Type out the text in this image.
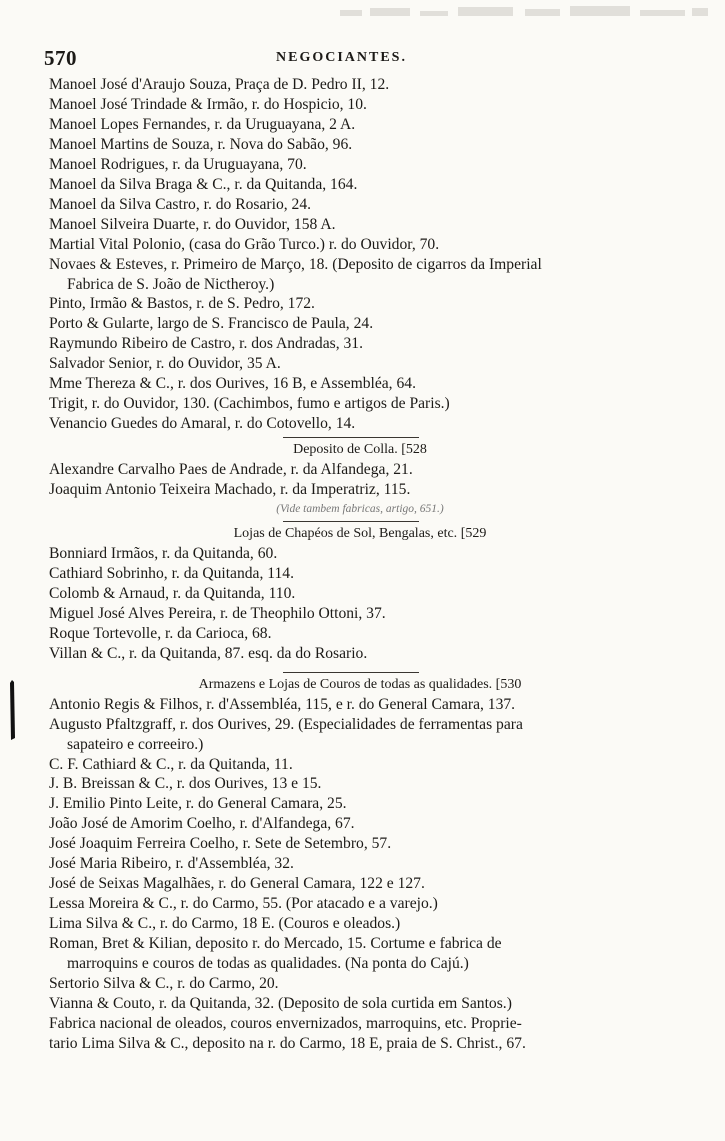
570	NEGOCIANTES.
Manoel José d'Araujo Souza, Praça de D. Pedro II, 12.
Manoel José Trindade & Irmão, r. do Hospicio, 10.
Manoel Lopes Fernandes, r. da Uruguayana, 2 A.
Manoel Martins de Souza, r. Nova do Sabão, 96.
Manoel Rodrigues, r. da Uruguayana, 70.
Manoel da Silva Braga & C., r. da Quitanda, 164.
Manoel da Silva Castro, r. do Rosario, 24.
Manoel Silveira Duarte, r. do Ouvidor, 158 A.
Martial Vital Polonio, (casa do Grão Turco.) r. do Ouvidor, 70.
Novaes & Esteves, r. Primeiro de Março, 18. (Deposito de cigarros da Imperial
Fabrica de S. João de Nictheroy.)
Pinto, Irmão & Bastos, r. de S. Pedro, 172.
Porto & Gularte, largo de S. Francisco de Paula, 24.
Raymundo Ribeiro de Castro, r. dos Andradas, 31.
Salvador Senior, r. do Ouvidor, 35 A.
Mme Thereza & C., r. dos Ourives, 16 B, e Assembléa, 64.
Trigit, r. do Ouvidor, 130. (Cachimbos, fumo e artigos de Paris.)
Venancio Guedes do Amaral, r. do Cotovello, 14.
Deposito de Colla. [528
Alexandre Carvalho Paes de Andrade, r. da Alfandega, 21.
Joaquim Antonio Teixeira Machado, r. da Imperatriz, 115.
(Vide tambem fabricas, artigo, 651.)
Lojas de Chapéos de Sol, Bengalas, etc. [529
Bonniard Irmãos, r. da Quitanda, 60.
Cathiard Sobrinho, r. da Quitanda, 114.
Colomb & Arnaud, r. da Quitanda, 110.
Miguel José Alves Pereira, r. de Theophilo Ottoni, 37.
Roque Tortevolle, r. da Carioca, 68.
Villan & C., r. da Quitanda, 87. esq. da do Rosario.
Armazens e Lojas de Couros de todas as qualidades. [530
Antonio Regis & Filhos, r. d'Assembléa, 115, e r. do General Camara, 137.
Augusto Pfaltzgraff, r. dos Ourives, 29. (Especialidades de ferramentas para
sapateiro e correeiro.)
C. F. Cathiard & C., r. da Quitanda, 11.
J. B. Breissan & C., r. dos Ourives, 13 e 15.
J. Emilio Pinto Leite, r. do General Camara, 25.
João José de Amorim Coelho, r. d'Alfandega, 67.
José Joaquim Ferreira Coelho, r. Sete de Setembro, 57.
José Maria Ribeiro, r. d'Assembléa, 32.
José de Seixas Magalhães, r. do General Camara, 122 e 127.
Lessa Moreira & C., r. do Carmo, 55. (Por atacado e a varejo.)
Lima Silva & C., r. do Carmo, 18 E. (Couros e oleados.)
Roman, Bret & Kilian, deposito r. do Mercado, 15. Cortume e fabrica de
marroquins e couros de todas as qualidades. (Na ponta do Cajú.)
Sertorio Silva & C., r. do Carmo, 20.
Vianna & Couto, r. da Quitanda, 32. (Deposito de sola curtida em Santos.)
Fabrica nacional de oleados, couros envernizados, marroquins, etc. Proprie-
tario Lima Silva & C., deposito na r. do Carmo, 18 E, praia de S. Christ., 67.
